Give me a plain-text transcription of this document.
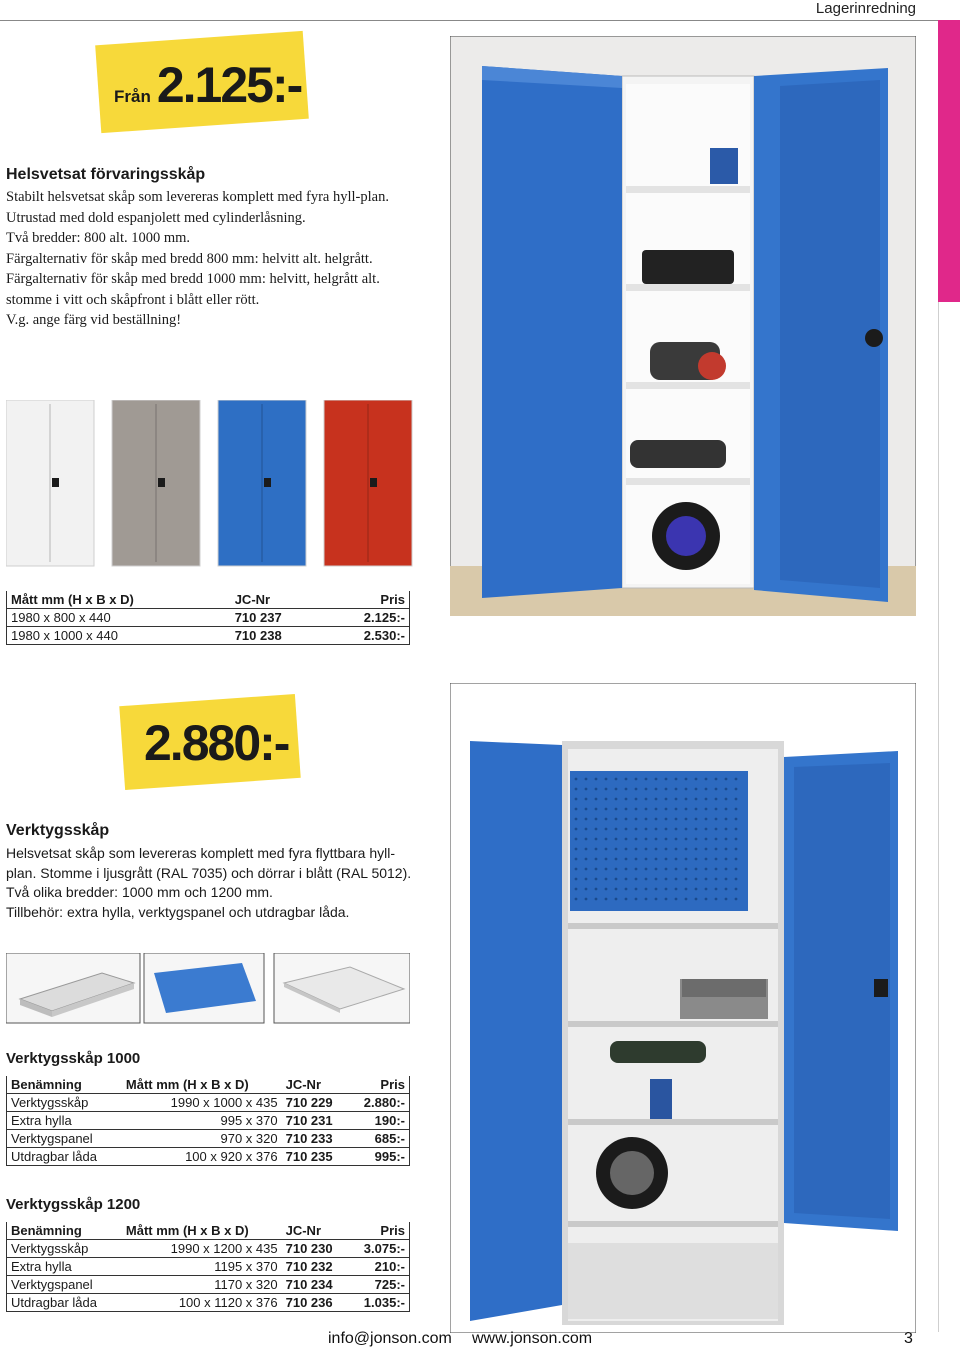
Lagerinredning
Från 2.125:-
Helsvetsat förvaringsskåp
Stabilt helsvetsat skåp som levereras komplett med fyra hyll-plan.
Utrustad med dold espanjolett med cylinderlåsning.
Två bredder: 800 alt. 1000 mm.
Färgalternativ för skåp med bredd 800 mm: helvitt alt. helgrått.
Färgalternativ för skåp med bredd 1000 mm: helvitt, helgrått alt. stomme i vitt och skåpfront i blått eller rött.
V.g. ange färg vid beställning!
Mått mm (H x B x D)	JC-Nr	Pris
1980 x 800 x 440	710 237	2.125:-
1980 x 1000 x 440	710 238	2.530:-
2.880:-
Verktygsskåp
Helsvetsat skåp som levereras komplett med fyra flyttbara hyll-plan. Stomme i ljusgrått (RAL 7035) och dörrar i blått (RAL 5012).
Två olika bredder: 1000 mm och 1200 mm.
Tillbehör: extra hylla, verktygspanel och utdragbar låda.
Verktygsskåp 1000
Benämning	Mått mm (H x B x D)	JC-Nr	Pris
Verktygsskåp	1990 x 1000 x 435	710 229	2.880:-
Extra hylla	995 x 370	710 231	190:-
Verktygspanel	970 x 320	710 233	685:-
Utdragbar låda	100 x 920 x 376	710 235	995:-
Verktygsskåp 1200
Benämning	Mått mm (H x B x D)	JC-Nr	Pris
Verktygsskåp	1990 x 1200 x 435	710 230	3.075:-
Extra hylla	1195 x 370	710 232	210:-
Verktygspanel	1170 x 320	710 234	725:-
Utdragbar låda	100 x 1120 x 376	710 236	1.035:-
info@jonson.com www.jonson.com	3
